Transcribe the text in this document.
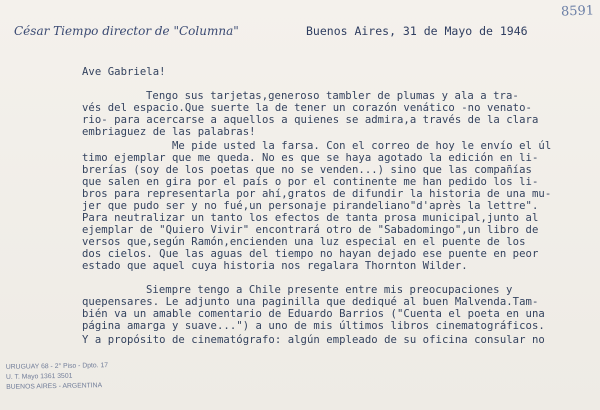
8591
César Tiempo director de "Columna"	Buenos Aires, 31 de Mayo de 1946
Ave Gabriela!
Tengo sus tarjetas,generoso tambler de plumas y ala a tra-
vés del espacio.Que suerte la de tener un corazón venático -no venato-
rio- para acercarse a aquellos a quienes se admira,a través de la clara
embriaguez de las palabras!
Me pide usted la farsa. Con el correo de hoy le envío el úl
timo ejemplar que me queda. No es que se haya agotado la edición en li-
brerías (soy de los poetas que no se venden...) sino que las compañías
que salen en gira por el país o por el continente me han pedido los li-
bros para representarla por ahí,gratos de difundir la historia de una mu-
jer que pudo ser y no fué,un personaje pirandeliano"d'après la lettre".
Para neutralizar un tanto los efectos de tanta prosa municipal,junto al
ejemplar de "Quiero Vivir" encontrará otro de "Sabadomingo",un libro de
versos que,según Ramón,encienden una luz especial en el puente de los
dos cielos. Que las aguas del tiempo no hayan dejado ese puente en peor
estado que aquel cuya historia nos regalara Thornton Wilder.
Siempre tengo a Chile presente entre mis preocupaciones y
quepensares. Le adjunto una paginilla que dediqué al buen Malvenda.Tam-
bién va un amable comentario de Eduardo Barrios ("Cuenta el poeta en una
página amarga y suave...") a uno de mis últimos libros cinematográficos.
Y a propósito de cinematógrafo: algún empleado de su oficina consular no
URUGUAY 68 - 2° Piso - Dpto. 17
U. T. Mayo 1361 3501
BUENOS AIRES - ARGENTINA
